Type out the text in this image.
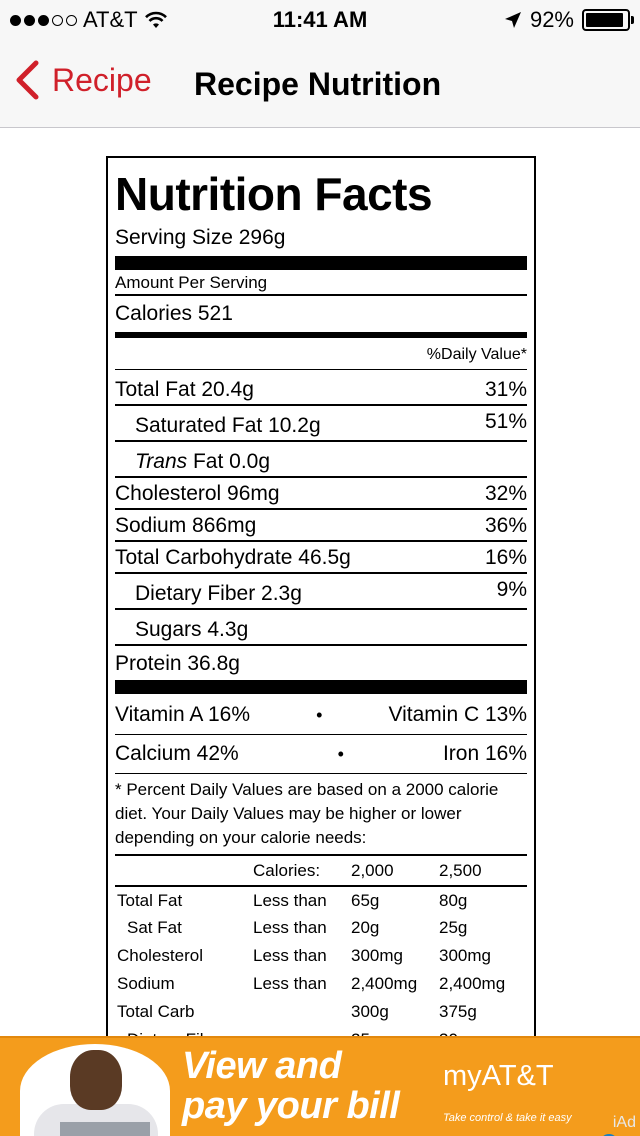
AT&T	11:41 AM	92%
Recipe Recipe Nutrition
Nutrition Facts
Serving Size 296g
Amount Per Serving
Calories 521
%Daily Value*
Total Fat 20.4g	31%
Saturated Fat 10.2g	51%
Trans Fat 0.0g
Cholesterol 96mg	32%
Sodium 866mg	36%
Total Carbohydrate 46.5g	16%
Dietary Fiber 2.3g	9%
Sugars 4.3g
Protein 36.8g
Vitamin A 16%	•	Vitamin C 13%
Calcium 42%	•	Iron 16%
* Percent Daily Values are based on a 2000 calorie diet. Your Daily Values may be higher or lower depending on your calorie needs:
	Calories:	2,000	2,500
Total Fat	Less than	65g	80g
Sat Fat	Less than	20g	25g
Cholesterol	Less than	300mg	300mg
Sodium	Less than	2,400mg	2,400mg
Total Carb		300g	375g

View and
pay your bill
myAT&T
Take control & take it easy	iAd
